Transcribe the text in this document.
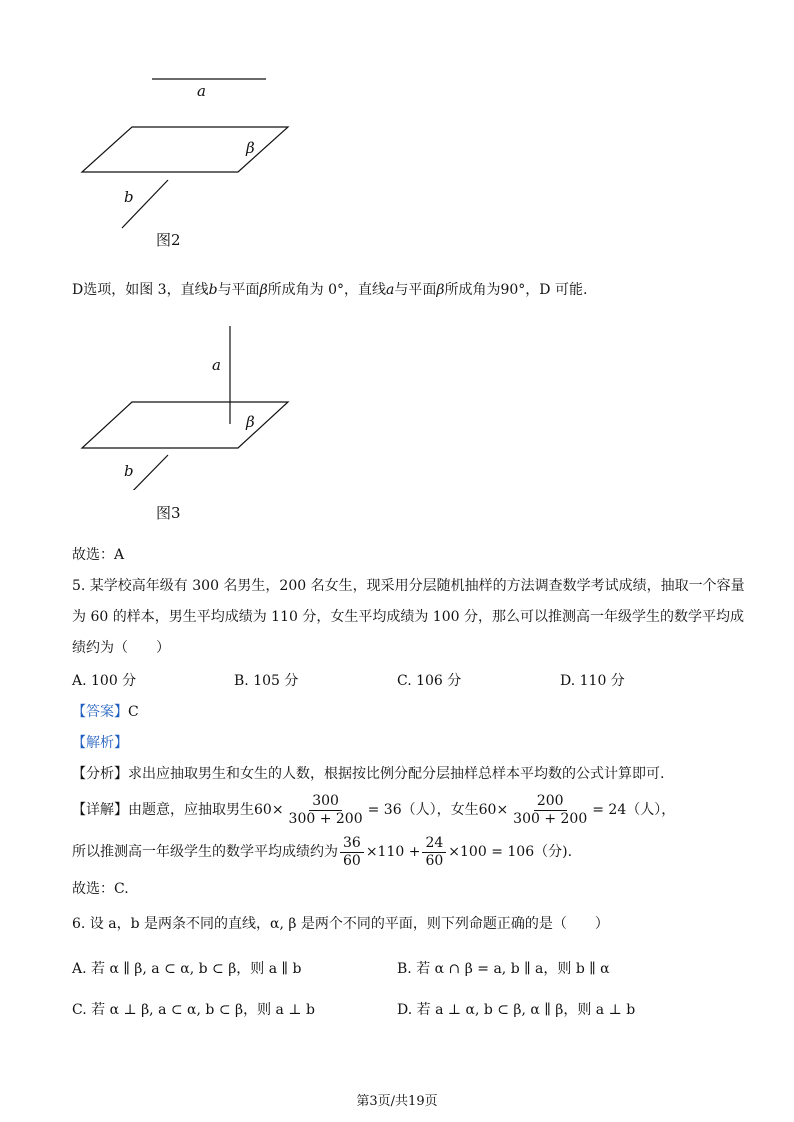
a
β
b
图2
D选项，如图 3，直线b与平面β所成角为 0°，直线a与平面β所成角为90°，D 可能.
a
β
b
图3
故选：A
5. 某学校高年级有 300 名男生，200 名女生，现采用分层随机抽样的方法调查数学考试成绩，抽取一个容量
为 60 的样本，男生平均成绩为 110 分，女生平均成绩为 100 分，那么可以推测高一年级学生的数学平均成
绩约为（　　）
A. 100 分	B. 105 分	C. 106 分	D. 110 分
【答案】C
【解析】
【分析】求出应抽取男生和女生的人数，根据按比例分配分层抽样总样本平均数的公式计算即可.
【详解】由题意，应抽取男生$60\times \frac{300}{300 + 200} = 36$（人），女生$60\times \frac{200}{300 + 200} = 24$（人），
所以推测高一年级学生的数学平均成绩约为 $\frac{36}{60} \times 110 + \frac{24}{60} \times 100 = 106$（分).
故选：C.
6. 设 a，b 是两条不同的直线，α, β 是两个不同的平面，则下列命题正确的是（　　）
A. 若 α ∥ β, a ⊂ α, b ⊂ β，则 a ∥ b	B. 若 α ∩ β = a, b ∥ a，则 b ∥ α
C. 若 α ⊥ β, a ⊂ α, b ⊂ β，则 a ⊥ b	D. 若 a ⊥ α, b ⊂ β, α ∥ β，则 a ⊥ b
第3页/共19页
